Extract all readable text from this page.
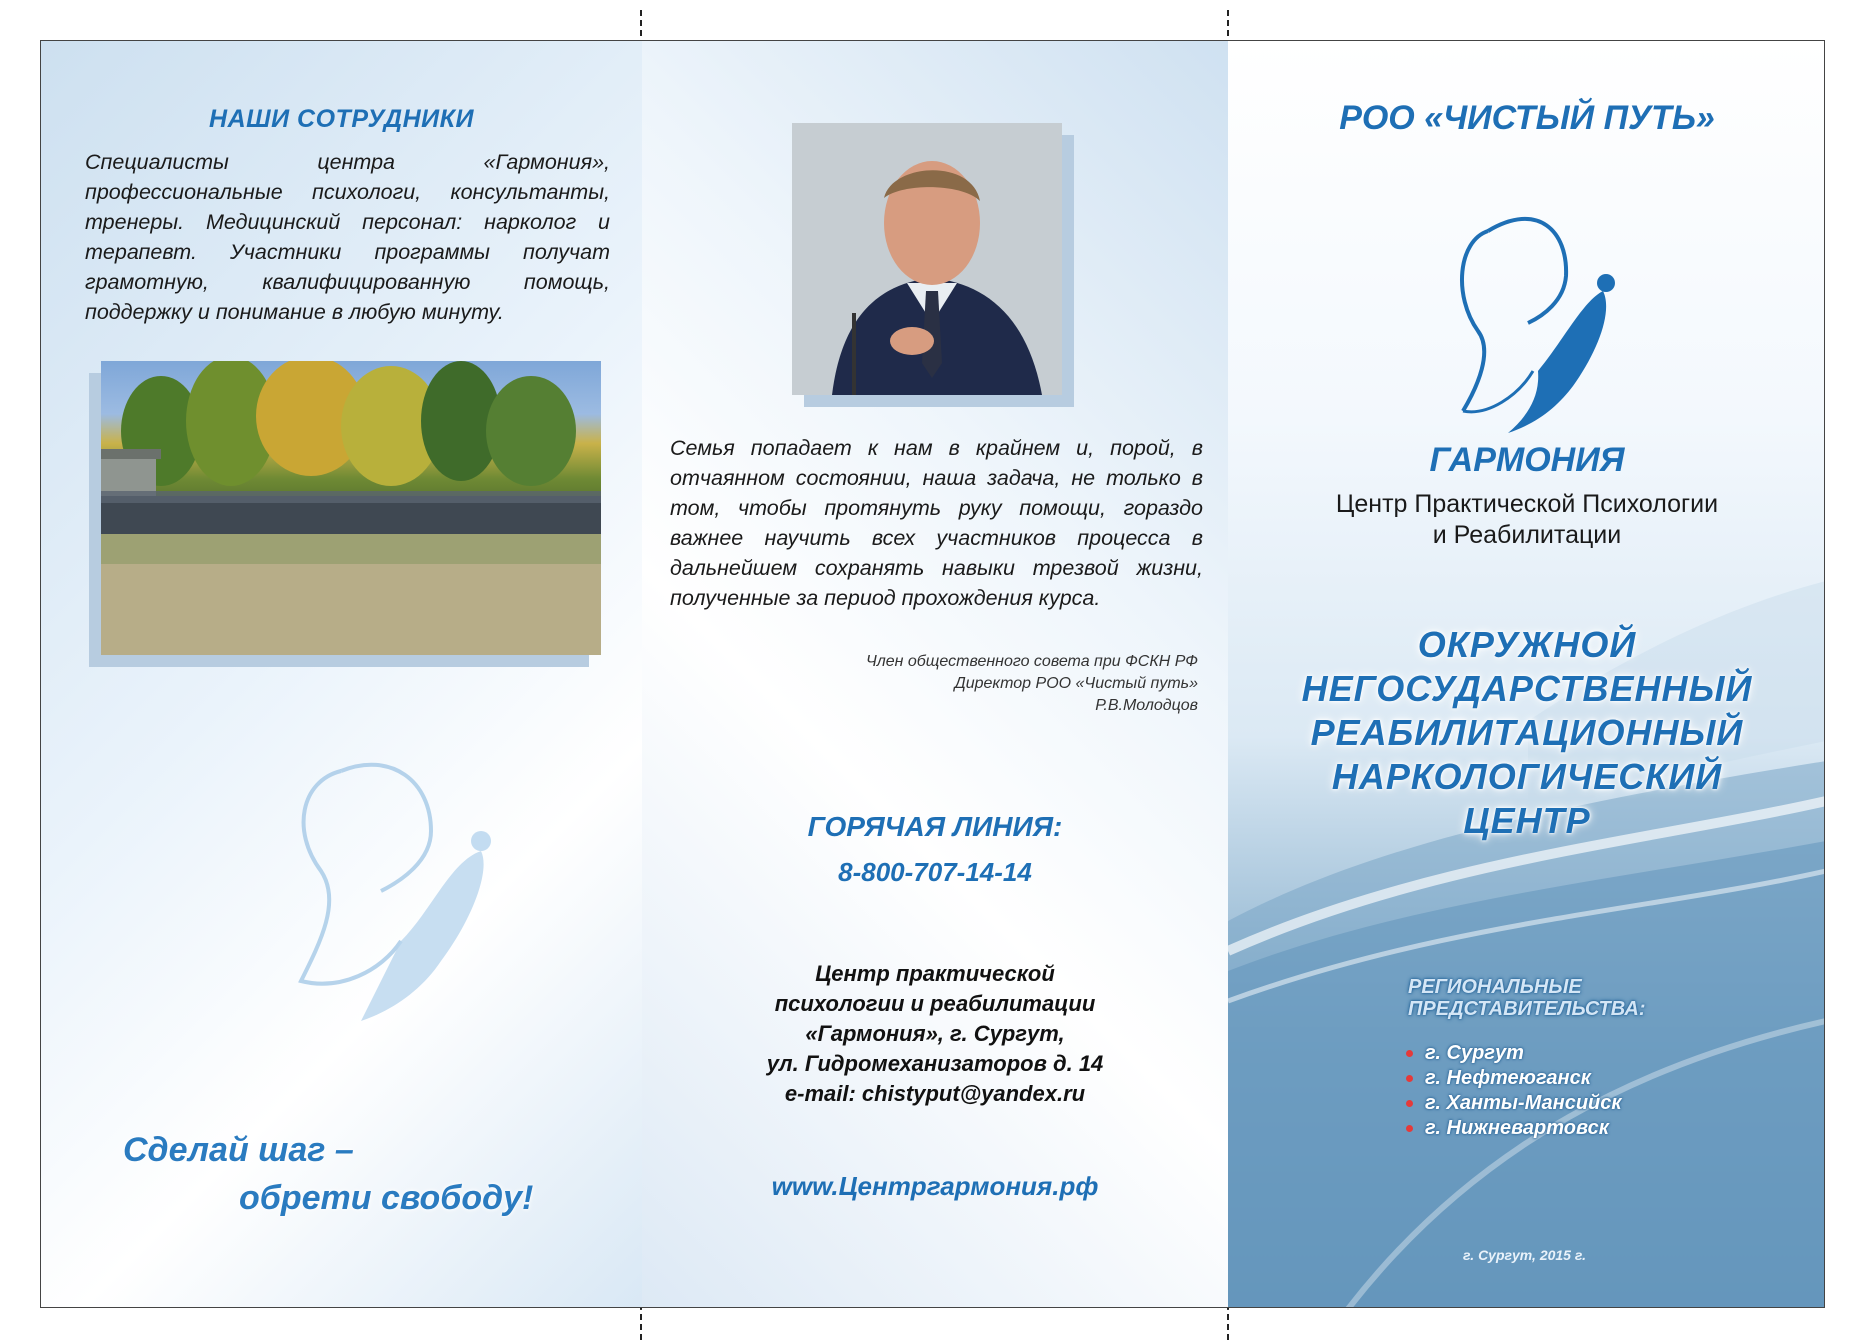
НАШИ СОТРУДНИКИ
Специалисты центра «Гармония», профессиональные психологи, консультанты, тренеры. Медицинский персонал: нарколог и терапевт. Участники программы получат грамотную, квалифицированную помощь, поддержку и понимание в любую минуту.
Сделай шаг –
обрети свободу!
Семья попадает к нам в крайнем и, порой, в отчаянном состоянии, наша задача, не только в том, чтобы протянуть руку помощи, гораздо важнее научить всех участников процесса в дальнейшем сохранять навыки трезвой жизни, полученные за период прохождения курса.
Член общественного совета при ФСКН РФ
Директор РОО «Чистый путь»
Р.В.Молодцов
ГОРЯЧАЯ ЛИНИЯ:
8-800-707-14-14
Центр практической
психологии и реабилитации
«Гармония», г. Сургут,
ул. Гидромеханизаторов д. 14
e-mail: chistyput@yandex.ru
www.Центргармония.рф
РОО «ЧИСТЫЙ ПУТЬ»
ГАРМОНИЯ
Центр Практической Психологии
и Реабилитации
ОКРУЖНОЙ
НЕГОСУДАРСТВЕННЫЙ
РЕАБИЛИТАЦИОННЫЙ
НАРКОЛОГИЧЕСКИЙ
ЦЕНТР
РЕГИОНАЛЬНЫЕ
ПРЕДСТАВИТЕЛЬСТВА:
г. Сургут
г. Нефтеюганск
г. Ханты-Мансийск
г. Нижневартовск
г. Сургут, 2015 г.
